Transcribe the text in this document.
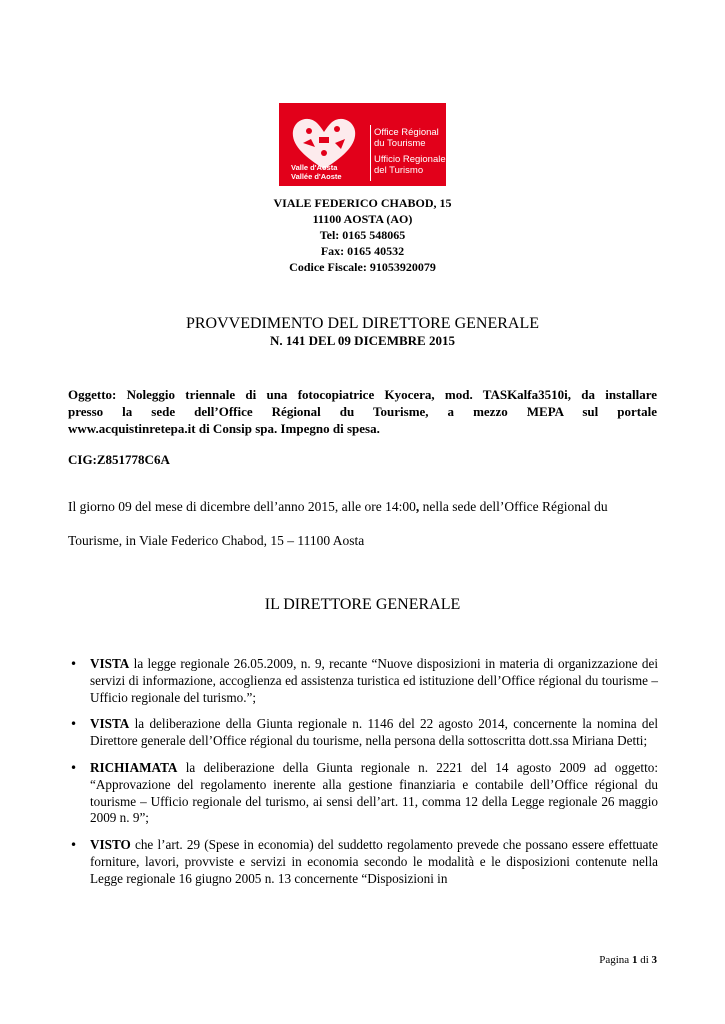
Valle d'Aosta
Vallée d'Aoste
Office Régional
du Tourisme
Ufficio Regionale
del Turismo
VIALE FEDERICO CHABOD, 15
11100 AOSTA (AO)
Tel: 0165 548065
Fax: 0165 40532
Codice Fiscale: 91053920079
PROVVEDIMENTO DEL DIRETTORE GENERALE
N. 141 DEL 09 DICEMBRE 2015
Oggetto: Noleggio triennale di una fotocopiatrice Kyocera, mod. TASKalfa3510i, da installare
presso la sede dell’Office Régional du Tourisme, a mezzo MEPA sul portale
www.acquistinretepa.it di Consip spa. Impegno di spesa.
CIG:Z851778C6A
Il giorno 09 del mese di dicembre dell’anno 2015, alle ore 14:00, nella sede dell’Office Régional du
Tourisme, in Viale Federico Chabod, 15 – 11100 Aosta
IL DIRETTORE GENERALE
• VISTA la legge regionale 26.05.2009, n. 9, recante “Nuove disposizioni in materia di organizzazione dei servizi di informazione, accoglienza ed assistenza turistica ed istituzione dell’Office régional du tourisme – Ufficio regionale del turismo.”;
• VISTA la deliberazione della Giunta regionale n. 1146 del 22 agosto 2014, concernente la nomina del Direttore generale dell’Office régional du tourisme, nella persona della sottoscritta dott.ssa Miriana Detti;
• RICHIAMATA la deliberazione della Giunta regionale n. 2221 del 14 agosto 2009 ad oggetto: “Approvazione del regolamento inerente alla gestione finanziaria e contabile dell’Office régional du tourisme – Ufficio regionale del turismo, ai sensi dell’art. 11, comma 12 della Legge regionale 26 maggio 2009 n. 9”;
• VISTO che l’art. 29 (Spese in economia) del suddetto regolamento prevede che possano essere effettuate forniture, lavori, provviste e servizi in economia secondo le modalità e le disposizioni contenute nella Legge regionale 16 giugno 2005 n. 13 concernente “Disposizioni in
Pagina 1 di 3
